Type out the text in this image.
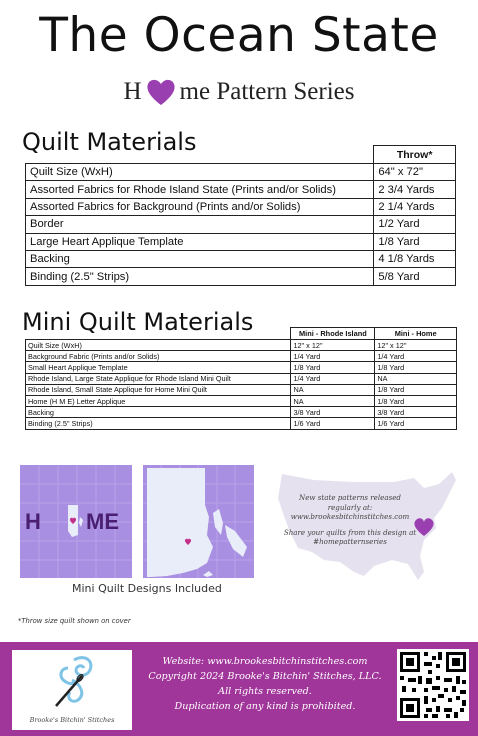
The Ocean State
H me Pattern Series
Quilt Materials
		Throw*
Quilt Size (WxH)	64" x 72"
Assorted Fabrics for Rhode Island State (Prints and/or Solids)	2 3/4 Yards
Assorted Fabrics for Background (Prints and/or Solids)	2 1/4 Yards
Border	1/2 Yard
Large Heart Applique Template	1/8 Yard
Backing	4 1/8 Yards
Binding (2.5" Strips)	5/8 Yard
Mini Quilt Materials
		Mini - Rhode Island	Mini - Home
Quilt Size (WxH)	12" x 12"	12" x 12"
Background Fabric (Prints and/or Solids)	1/4 Yard	1/4 Yard
Small Heart Applique Template	1/8 Yard	1/8 Yard
Rhode Island, Large State Applique for Rhode Island Mini Quilt	1/4 Yard	NA
Rhode Island, Small State Applique for Home Mini Quilt	NA	1/8 Yard
Home (H M E) Letter Applique	NA	1/8 Yard
Backing	3/8 Yard	3/8 Yard
Binding (2.5" Strips)	1/6 Yard	1/6 Yard
H ME
Mini Quilt Designs Included
New state patterns released
regularly at:
www.brookesbitchinstitches.com
Share your quilts from this design at
#homepatternseries
*Throw size quilt shown on cover
Brooke's Bitchin' Stitches
Website: www.brookesbitchinstitches.com
Copyright 2024 Brooke's Bitchin' Stitches, LLC.
All rights reserved.
Duplication of any kind is prohibited.
